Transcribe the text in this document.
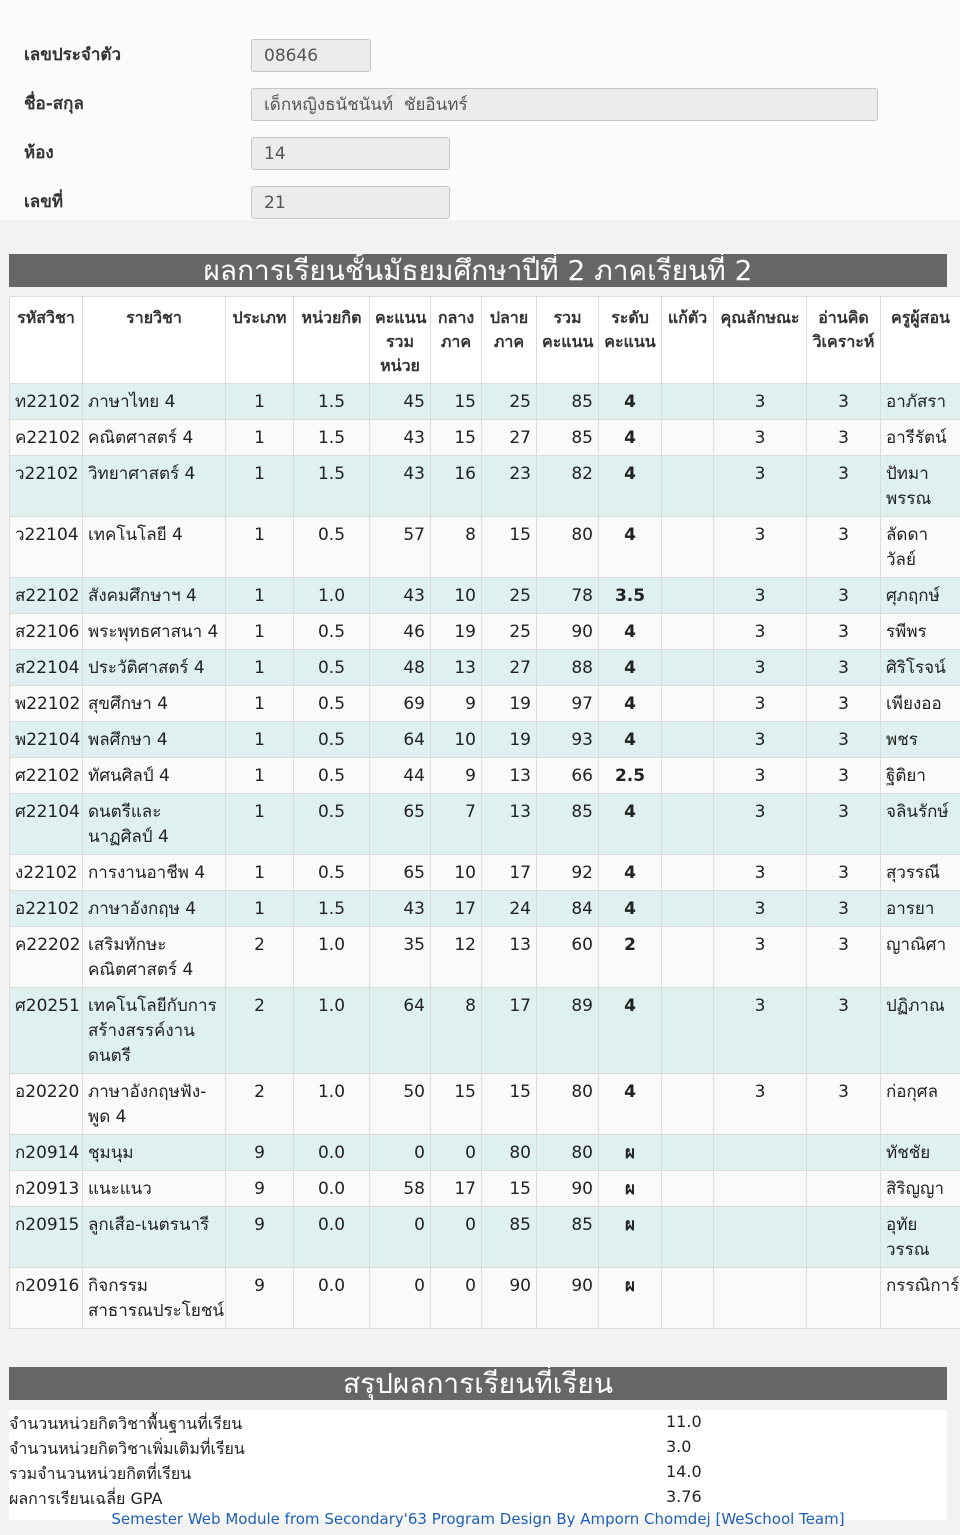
เลขประจำตัว
08646
ชื่อ-สกุล
เด็กหญิงธนัชนันท์ ชัยอินทร์
ห้อง
14
เลขที่
21
ผลการเรียนชั้นมัธยมศึกษาปีที่ 2 ภาคเรียนที่ 2
รหัสวิชา	รายวิชา	ประเภท	หน่วยกิต	คะแนนรวมหน่วย	กลางภาค	ปลายภาค	รวมคะแนน	ระดับคะแนน	แก้ตัว	คุณลักษณะ	อ่านคิดวิเคราะห์	ครูผู้สอน
ท22102	ภาษาไทย 4	1	1.5	45	15	25	85	4		3	3	อาภัสรา
ค22102	คณิตศาสตร์ 4	1	1.5	43	15	27	85	4		3	3	อารีรัตน์
ว22102	วิทยาศาสตร์ 4	1	1.5	43	16	23	82	4		3	3	ปัทมาพรรณ
ว22104	เทคโนโลยี 4	1	0.5	57	8	15	80	4		3	3	ลัดดาวัลย์
ส22102	สังคมศึกษาฯ 4	1	1.0	43	10	25	78	3.5		3	3	ศุภฤกษ์
ส22106	พระพุทธศาสนา 4	1	0.5	46	19	25	90	4		3	3	รพีพร
ส22104	ประวัติศาสตร์ 4	1	0.5	48	13	27	88	4		3	3	ศิริโรจน์
พ22102	สุขศึกษา 4	1	0.5	69	9	19	97	4		3	3	เพียงออ
พ22104	พลศึกษา 4	1	0.5	64	10	19	93	4		3	3	พชร
ศ22102	ทัศนศิลป์ 4	1	0.5	44	9	13	66	2.5		3	3	ฐิติยา
ศ22104	ดนตรีและนาฏศิลป์ 4	1	0.5	65	7	13	85	4		3	3	จลินรักษ์
ง22102	การงานอาชีพ 4	1	0.5	65	10	17	92	4		3	3	สุวรรณี
อ22102	ภาษาอังกฤษ 4	1	1.5	43	17	24	84	4		3	3	อารยา
ค22202	เสริมทักษะคณิตศาสตร์ 4	2	1.0	35	12	13	60	2		3	3	ญาณิศา
ศ20251	เทคโนโลยีกับการสร้างสรรค์งานดนตรี	2	1.0	64	8	17	89	4		3	3	ปฏิภาณ
อ20220	ภาษาอังกฤษฟัง-พูด 4	2	1.0	50	15	15	80	4		3	3	ก่อกุศล
ก20914	ชุมนุม	9	0.0	0	0	80	80	ผ				ทัชชัย
ก20913	แนะแนว	9	0.0	58	17	15	90	ผ				สิริญญา
ก20915	ลูกเสือ-เนตรนารี	9	0.0	0	0	85	85	ผ				อุทัยวรรณ
ก20916	กิจกรรมสาธารณประโยชน์	9	0.0	0	0	90	90	ผ				กรรณิการ์
สรุปผลการเรียนที่เรียน
จำนวนหน่วยกิตวิชาพื้นฐานที่เรียน	11.0
จำนวนหน่วยกิตวิชาเพิ่มเติมที่เรียน	3.0
รวมจำนวนหน่วยกิตที่เรียน	14.0
ผลการเรียนเฉลี่ย GPA	3.76
Semester Web Module from Secondary'63 Program Design By Amporn Chomdej [WeSchool Team]
